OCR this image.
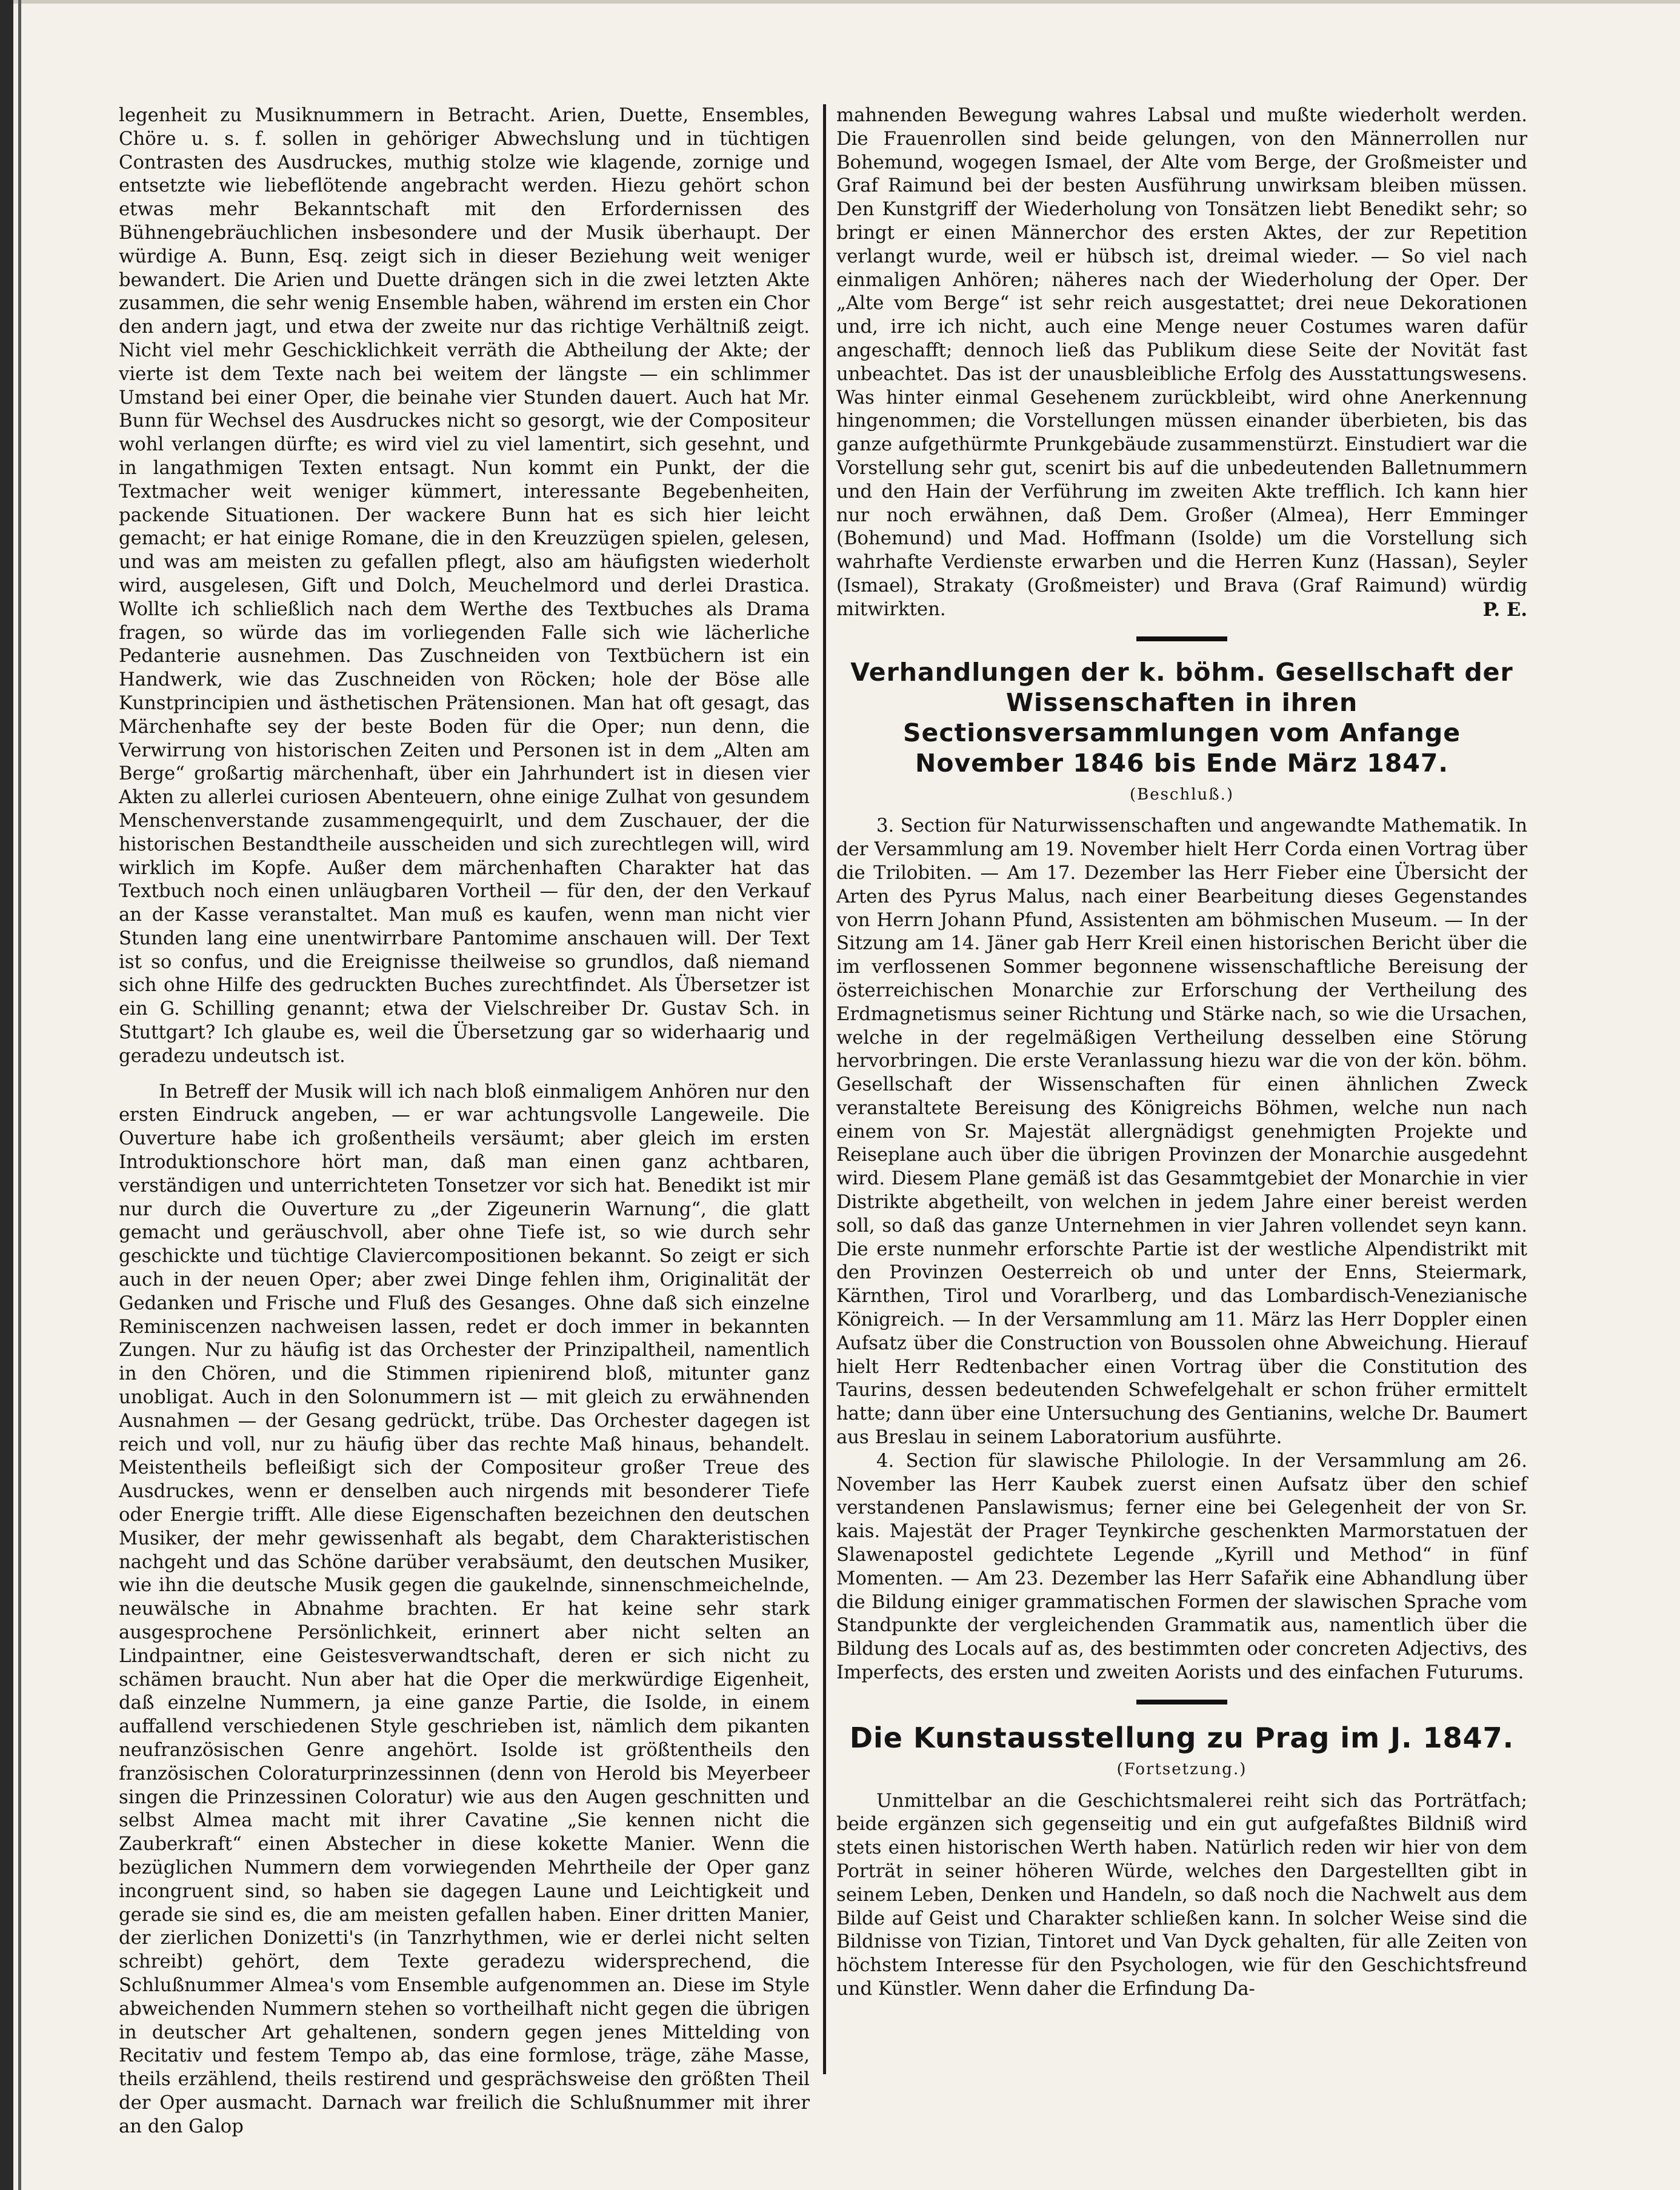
legenheit zu Musiknummern in Betracht. Arien, Duette, Ensembles, Chöre u. s. f. sollen in gehöriger Abwechslung und in tüchtigen Contrasten des Ausdruckes, muthig stolze wie klagende, zornige und entsetzte wie liebeflötende angebracht werden. Hiezu gehört schon etwas mehr Bekanntschaft mit den Erfordernissen des Bühnengebräuchlichen insbesondere und der Musik überhaupt. Der würdige A. Bunn, Esq. zeigt sich in dieser Beziehung weit weniger bewandert. Die Arien und Duette drängen sich in die zwei letzten Akte zusammen, die sehr wenig Ensemble haben, während im ersten ein Chor den andern jagt, und etwa der zweite nur das richtige Verhältniß zeigt. Nicht viel mehr Geschicklichkeit verräth die Abtheilung der Akte; der vierte ist dem Texte nach bei weitem der längste — ein schlimmer Umstand bei einer Oper, die beinahe vier Stunden dauert. Auch hat Mr. Bunn für Wechsel des Ausdruckes nicht so gesorgt, wie der Compositeur wohl verlangen dürfte; es wird viel zu viel lamentirt, sich gesehnt, und in langathmigen Texten entsagt. Nun kommt ein Punkt, der die Textmacher weit weniger kümmert, interessante Begebenheiten, packende Situationen. Der wackere Bunn hat es sich hier leicht gemacht; er hat einige Romane, die in den Kreuzzügen spielen, gelesen, und was am meisten zu gefallen pflegt, also am häufigsten wiederholt wird, ausgelesen, Gift und Dolch, Meuchelmord und derlei Drastica. Wollte ich schließlich nach dem Werthe des Textbuches als Drama fragen, so würde das im vorliegenden Falle sich wie lächerliche Pedanterie ausnehmen. Das Zuschneiden von Textbüchern ist ein Handwerk, wie das Zuschneiden von Röcken; hole der Böse alle Kunstprincipien und ästhetischen Prätensionen. Man hat oft gesagt, das Märchenhafte sey der beste Boden für die Oper; nun denn, die Verwirrung von historischen Zeiten und Personen ist in dem „Alten am Berge“ großartig märchenhaft, über ein Jahrhundert ist in diesen vier Akten zu allerlei curiosen Abenteuern, ohne einige Zulhat von gesundem Menschenverstande zusammengequirlt, und dem Zuschauer, der die historischen Bestandtheile ausscheiden und sich zurechtlegen will, wird wirklich im Kopfe. Außer dem märchenhaften Charakter hat das Textbuch noch einen unläugbaren Vortheil — für den, der den Verkauf an der Kasse veranstaltet. Man muß es kaufen, wenn man nicht vier Stunden lang eine unentwirrbare Pantomime anschauen will. Der Text ist so confus, und die Ereignisse theilweise so grundlos, daß niemand sich ohne Hilfe des gedruckten Buches zurechtfindet. Als Übersetzer ist ein G. Schilling genannt; etwa der Vielschreiber Dr. Gustav Sch. in Stuttgart? Ich glaube es, weil die Übersetzung gar so widerhaarig und geradezu undeutsch ist.

In Betreff der Musik will ich nach bloß einmaligem Anhören nur den ersten Eindruck angeben, — er war achtungsvolle Langeweile. Die Ouverture habe ich großentheils versäumt; aber gleich im ersten Introduktionschore hört man, daß man einen ganz achtbaren, verständigen und unterrichteten Tonsetzer vor sich hat. Benedikt ist mir nur durch die Ouverture zu „der Zigeunerin Warnung“, die glatt gemacht und geräuschvoll, aber ohne Tiefe ist, so wie durch sehr geschickte und tüchtige Claviercompositionen bekannt. So zeigt er sich auch in der neuen Oper; aber zwei Dinge fehlen ihm, Originalität der Gedanken und Frische und Fluß des Gesanges. Ohne daß sich einzelne Reminiscenzen nachweisen lassen, redet er doch immer in bekannten Zungen. Nur zu häufig ist das Orchester der Prinzipaltheil, namentlich in den Chören, und die Stimmen ripienirend bloß, mitunter ganz unobligat. Auch in den Solonummern ist — mit gleich zu erwähnenden Ausnahmen — der Gesang gedrückt, trübe. Das Orchester dagegen ist reich und voll, nur zu häufig über das rechte Maß hinaus, behandelt. Meistentheils befleißigt sich der Compositeur großer Treue des Ausdruckes, wenn er denselben auch nirgends mit besonderer Tiefe oder Energie trifft. Alle diese Eigenschaften bezeichnen den deutschen Musiker, der mehr gewissenhaft als begabt, dem Charakteristischen nachgeht und das Schöne darüber verabsäumt, den deutschen Musiker, wie ihn die deutsche Musik gegen die gaukelnde, sinnenschmeichelnde, neuwälsche in Abnahme brachten. Er hat keine sehr stark ausgesprochene Persönlichkeit, erinnert aber nicht selten an Lindpaintner, eine Geistesverwandtschaft, deren er sich nicht zu schämen braucht. Nun aber hat die Oper die merkwürdige Eigenheit, daß einzelne Nummern, ja eine ganze Partie, die Isolde, in einem auffallend verschiedenen Style geschrieben ist, nämlich dem pikanten neufranzösischen Genre angehört. Isolde ist größtentheils den französischen Coloraturprinzessinnen (denn von Herold bis Meyerbeer singen die Prinzessinen Coloratur) wie aus den Augen geschnitten und selbst Almea macht mit ihrer Cavatine „Sie kennen nicht die Zauberkraft“ einen Abstecher in diese kokette Manier. Wenn die bezüglichen Nummern dem vorwiegenden Mehrtheile der Oper ganz incongruent sind, so haben sie dagegen Laune und Leichtigkeit und gerade sie sind es, die am meisten gefallen haben. Einer dritten Manier, der zierlichen Donizetti's (in Tanzrhythmen, wie er derlei nicht selten schreibt) gehört, dem Texte geradezu widersprechend, die Schlußnummer Almea's vom Ensemble aufgenommen an. Diese im Style abweichenden Nummern stehen so vortheilhaft nicht gegen die übrigen in deutscher Art gehaltenen, sondern gegen jenes Mittelding von Recitativ und festem Tempo ab, das eine formlose, träge, zähe Masse, theils erzählend, theils restirend und gesprächsweise den größten Theil der Oper ausmacht. Darnach war freilich die Schlußnummer mit ihrer an den Galop

mahnenden Bewegung wahres Labsal und mußte wiederholt werden. Die Frauenrollen sind beide gelungen, von den Männerrollen nur Bohemund, wogegen Ismael, der Alte vom Berge, der Großmeister und Graf Raimund bei der besten Ausführung unwirksam bleiben müssen. Den Kunstgriff der Wiederholung von Tonsätzen liebt Benedikt sehr; so bringt er einen Männerchor des ersten Aktes, der zur Repetition verlangt wurde, weil er hübsch ist, dreimal wieder. — So viel nach einmaligen Anhören; näheres nach der Wiederholung der Oper. Der „Alte vom Berge“ ist sehr reich ausgestattet; drei neue Dekorationen und, irre ich nicht, auch eine Menge neuer Costumes waren dafür angeschafft; dennoch ließ das Publikum diese Seite der Novität fast unbeachtet. Das ist der unausbleibliche Erfolg des Ausstattungswesens. Was hinter einmal Gesehenem zurückbleibt, wird ohne Anerkennung hingenommen; die Vorstellungen müssen einander überbieten, bis das ganze aufgethürmte Prunkgebäude zusammenstürzt. Einstudiert war die Vorstellung sehr gut, scenirt bis auf die unbedeutenden Balletnummern und den Hain der Verführung im zweiten Akte trefflich. Ich kann hier nur noch erwähnen, daß Dem. Großer (Almea), Herr Emminger (Bohemund) und Mad. Hoffmann (Isolde) um die Vorstellung sich wahrhafte Verdienste erwarben und die Herren Kunz (Hassan), Seyler (Ismael), Strakaty (Großmeister) und Brava (Graf Raimund) würdig mitwirkten.	P. E.

Verhandlungen der k. böhm. Gesellschaft der Wissenschaften in ihren Sectionsversammlungen vom Anfange November 1846 bis Ende März 1847.

(Beschluß.)

3. Section für Naturwissenschaften und angewandte Mathematik. In der Versammlung am 19. November hielt Herr Corda einen Vortrag über die Trilobiten. — Am 17. Dezember las Herr Fieber eine Übersicht der Arten des Pyrus Malus, nach einer Bearbeitung dieses Gegenstandes von Herrn Johann Pfund, Assistenten am böhmischen Museum. — In der Sitzung am 14. Jäner gab Herr Kreil einen historischen Bericht über die im verflossenen Sommer begonnene wissenschaftliche Bereisung der österreichischen Monarchie zur Erforschung der Vertheilung des Erdmagnetismus seiner Richtung und Stärke nach, so wie die Ursachen, welche in der regelmäßigen Vertheilung desselben eine Störung hervorbringen. Die erste Veranlassung hiezu war die von der kön. böhm. Gesellschaft der Wissenschaften für einen ähnlichen Zweck veranstaltete Bereisung des Königreichs Böhmen, welche nun nach einem von Sr. Majestät allergnädigst genehmigten Projekte und Reiseplane auch über die übrigen Provinzen der Monarchie ausgedehnt wird. Diesem Plane gemäß ist das Gesammtgebiet der Monarchie in vier Distrikte abgetheilt, von welchen in jedem Jahre einer bereist werden soll, so daß das ganze Unternehmen in vier Jahren vollendet seyn kann. Die erste nunmehr erforschte Partie ist der westliche Alpendistrikt mit den Provinzen Oesterreich ob und unter der Enns, Steiermark, Kärnthen, Tirol und Vorarlberg, und das Lombardisch-Venezianische Königreich. — In der Versammlung am 11. März las Herr Doppler einen Aufsatz über die Construction von Boussolen ohne Abweichung. Hierauf hielt Herr Redtenbacher einen Vortrag über die Constitution des Taurins, dessen bedeutenden Schwefelgehalt er schon früher ermittelt hatte; dann über eine Untersuchung des Gentianins, welche Dr. Baumert aus Breslau in seinem Laboratorium ausführte.

4. Section für slawische Philologie. In der Versammlung am 26. November las Herr Kaubek zuerst einen Aufsatz über den schief verstandenen Panslawismus; ferner eine bei Gelegenheit der von Sr. kais. Majestät der Prager Teynkirche geschenkten Marmorstatuen der Slawenapostel gedichtete Legende „Kyrill und Method“ in fünf Momenten. — Am 23. Dezember las Herr Safařik eine Abhandlung über die Bildung einiger grammatischen Formen der slawischen Sprache vom Standpunkte der vergleichenden Grammatik aus, namentlich über die Bildung des Locals auf as, des bestimmten oder concreten Adjectivs, des Imperfects, des ersten und zweiten Aorists und des einfachen Futurums.

Die Kunstausstellung zu Prag im J. 1847.

(Fortsetzung.)

Unmittelbar an die Geschichtsmalerei reiht sich das Porträtfach; beide ergänzen sich gegenseitig und ein gut aufgefaßtes Bildniß wird stets einen historischen Werth haben. Natürlich reden wir hier von dem Porträt in seiner höheren Würde, welches den Dargestellten gibt in seinem Leben, Denken und Handeln, so daß noch die Nachwelt aus dem Bilde auf Geist und Charakter schließen kann. In solcher Weise sind die Bildnisse von Tizian, Tintoret und Van Dyck gehalten, für alle Zeiten von höchstem Interesse für den Psychologen, wie für den Geschichtsfreund und Künstler. Wenn daher die Erfindung Da-
